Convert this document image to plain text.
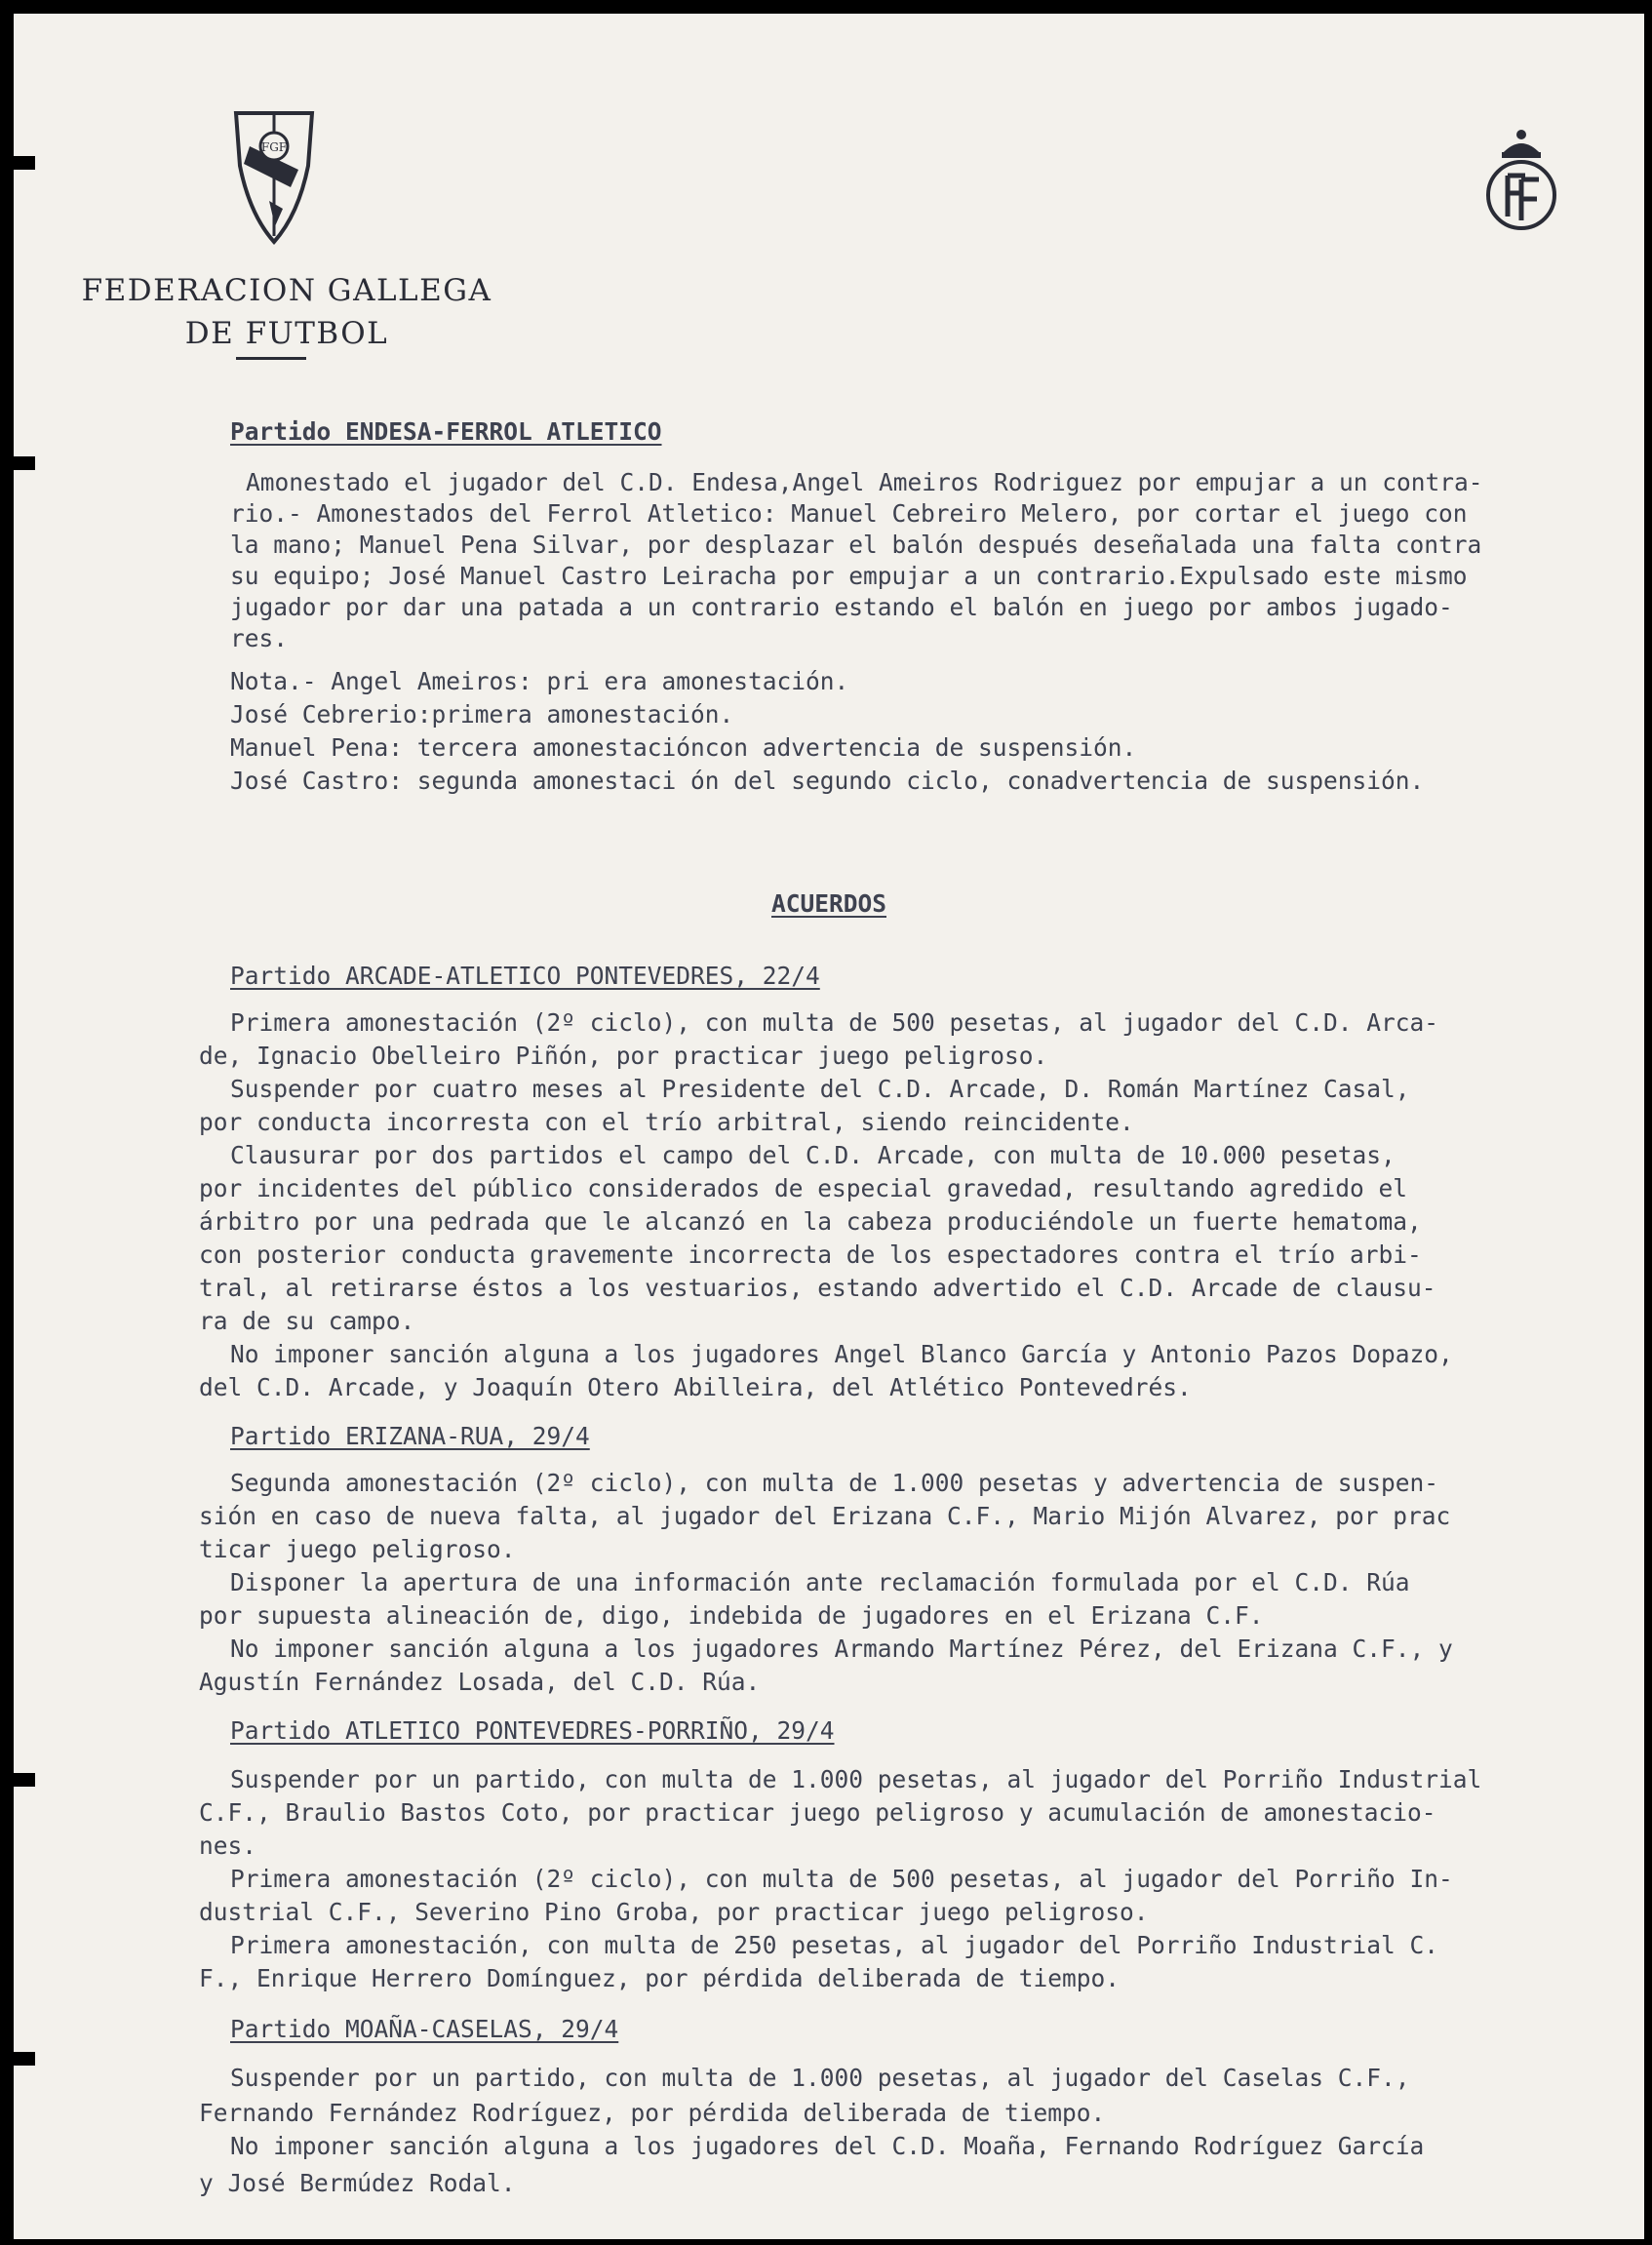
FGF
FEDERACION GALLEGA
DE FUTBOL
Partido ENDESA-FERROL ATLETICO
Amonestado el jugador del C.D. Endesa,Angel Ameiros Rodriguez por empujar a un contra-
rio.- Amonestados del Ferrol Atletico: Manuel Cebreiro Melero, por cortar el juego con
la mano; Manuel Pena Silvar, por desplazar el balón después deseñalada una falta contra
su equipo; José Manuel Castro Leiracha por empujar a un contrario.Expulsado este mismo
jugador por dar una patada a un contrario estando el balón en juego por ambos jugado-
res.
Nota.- Angel Ameiros: pri era amonestación.
José Cebrerio:primera amonestación.
Manuel Pena: tercera amonestacióncon advertencia de suspensión.
José Castro: segunda amonestaci ón del segundo ciclo, conadvertencia de suspensión.
ACUERDOS
Partido ARCADE-ATLETICO PONTEVEDRES, 22/4
Primera amonestación (2º ciclo), con multa de 500 pesetas, al jugador del C.D. Arca-
de, Ignacio Obelleiro Piñón, por practicar juego peligroso.
Suspender por cuatro meses al Presidente del C.D. Arcade, D. Román Martínez Casal,
por conducta incorresta con el trío arbitral, siendo reincidente.
Clausurar por dos partidos el campo del C.D. Arcade, con multa de 10.000 pesetas,
por incidentes del público considerados de especial gravedad, resultando agredido el
árbitro por una pedrada que le alcanzó en la cabeza produciéndole un fuerte hematoma,
con posterior conducta gravemente incorrecta de los espectadores contra el trío arbi-
tral, al retirarse éstos a los vestuarios, estando advertido el C.D. Arcade de clausu-
ra de su campo.
No imponer sanción alguna a los jugadores Angel Blanco García y Antonio Pazos Dopazo,
del C.D. Arcade, y Joaquín Otero Abilleira, del Atlético Pontevedrés.
Partido ERIZANA-RUA, 29/4
Segunda amonestación (2º ciclo), con multa de 1.000 pesetas y advertencia de suspen-
sión en caso de nueva falta, al jugador del Erizana C.F., Mario Mijón Alvarez, por prac
ticar juego peligroso.
Disponer la apertura de una información ante reclamación formulada por el C.D. Rúa
por supuesta alineación de, digo, indebida de jugadores en el Erizana C.F.
No imponer sanción alguna a los jugadores Armando Martínez Pérez, del Erizana C.F., y
Agustín Fernández Losada, del C.D. Rúa.
Partido ATLETICO PONTEVEDRES-PORRIÑO, 29/4
Suspender por un partido, con multa de 1.000 pesetas, al jugador del Porriño Industrial
C.F., Braulio Bastos Coto, por practicar juego peligroso y acumulación de amonestacio-
nes.
Primera amonestación (2º ciclo), con multa de 500 pesetas, al jugador del Porriño In-
dustrial C.F., Severino Pino Groba, por practicar juego peligroso.
Primera amonestación, con multa de 250 pesetas, al jugador del Porriño Industrial C.
F., Enrique Herrero Domínguez, por pérdida deliberada de tiempo.
Partido MOAÑA-CASELAS, 29/4
Suspender por un partido, con multa de 1.000 pesetas, al jugador del Caselas C.F.,
Fernando Fernández Rodríguez, por pérdida deliberada de tiempo.
No imponer sanción alguna a los jugadores del C.D. Moaña, Fernando Rodríguez García
y José Bermúdez Rodal.
